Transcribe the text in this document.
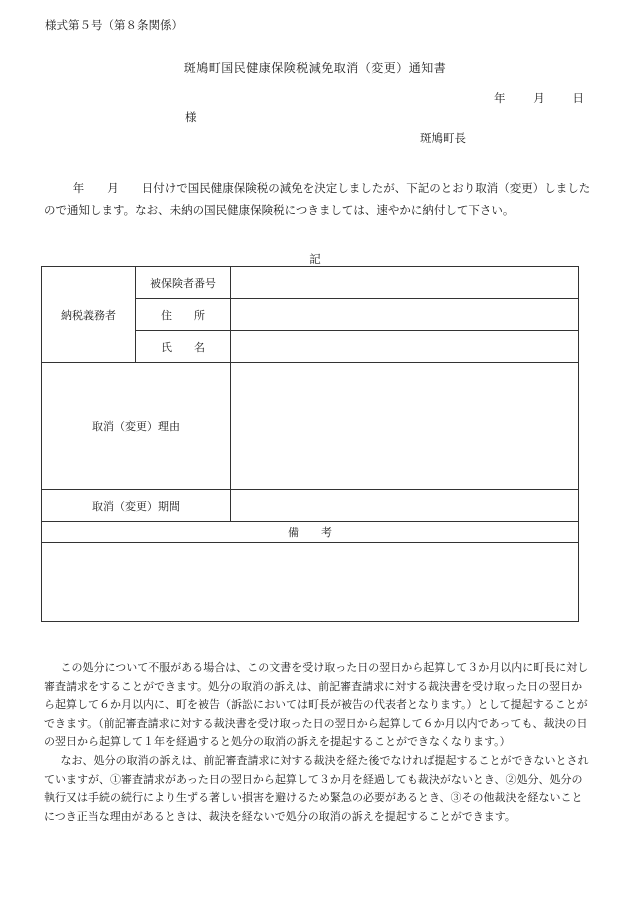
様式第５号（第８条関係）
斑鳩町国民健康保険税減免取消（変更）通知書
年 月 日
様
斑鳩町長
年　　月　　日付けで国民健康保険税の減免を決定しましたが、下記のとおり取消（変更）しましたので通知します。なお、未納の国民健康保険税につきましては、速やかに納付して下さい。
記
納税義務者	被保険者番号	
	住　　所	
	氏　　名	
取消（変更）理由		
取消（変更）期間		
備　　考		

この処分について不服がある場合は、この文書を受け取った日の翌日から起算して３か月以内に町長に対し審査請求をすることができます。処分の取消の訴えは、前記審査請求に対する裁決書を受け取った日の翌日から起算して６か月以内に、町を被告（訴訟においては町長が被告の代表者となります。）として提起することができます。（前記審査請求に対する裁決書を受け取った日の翌日から起算して６か月以内であっても、裁決の日の翌日から起算して１年を経過すると処分の取消の訴えを提起することができなくなります。）

なお、処分の取消の訴えは、前記審査請求に対する裁決を経た後でなければ提起することができないとされていますが、①審査請求があった日の翌日から起算して３か月を経過しても裁決がないとき、②処分、処分の執行又は手続の続行により生ずる著しい損害を避けるため緊急の必要があるとき、③その他裁決を経ないことにつき正当な理由があるときは、裁決を経ないで処分の取消の訴えを提起することができます。
